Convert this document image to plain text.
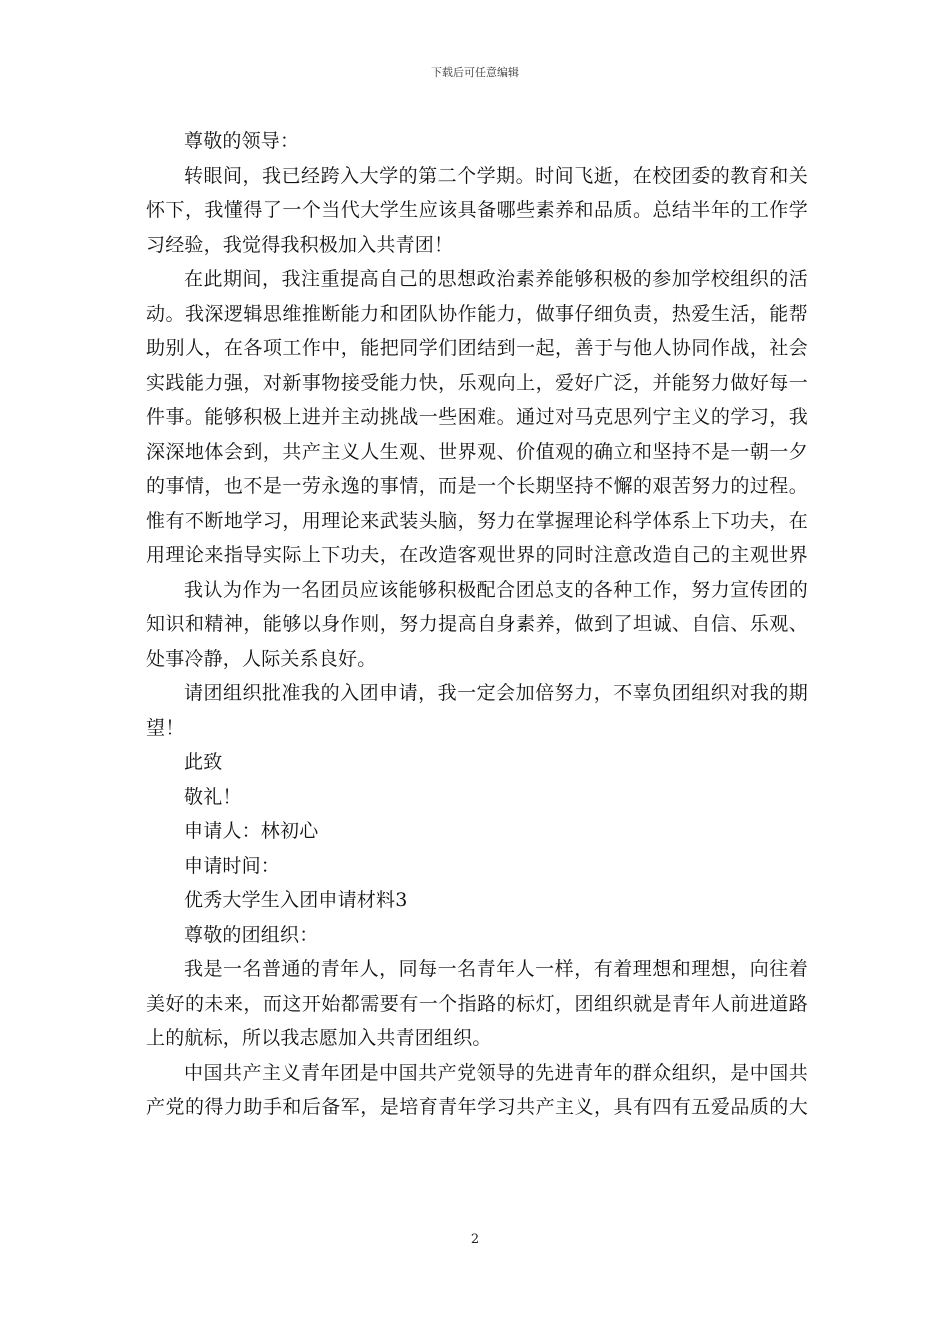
下载后可任意编辑
尊敬的领导：
转眼间，我已经跨入大学的第二个学期。时间飞逝，在校团委的教育和关
怀下，我懂得了一个当代大学生应该具备哪些素养和品质。总结半年的工作学
习经验，我觉得我积极加入共青团！
在此期间，我注重提高自己的思想政治素养能够积极的参加学校组织的活
动。我深逻辑思维推断能力和团队协作能力，做事仔细负责，热爱生活，能帮
助别人，在各项工作中，能把同学们团结到一起，善于与他人协同作战，社会
实践能力强，对新事物接受能力快，乐观向上，爱好广泛，并能努力做好每一
件事。能够积极上进并主动挑战一些困难。通过对马克思列宁主义的学习，我
深深地体会到，共产主义人生观、世界观、价值观的确立和坚持不是一朝一夕
的事情，也不是一劳永逸的事情，而是一个长期坚持不懈的艰苦努力的过程。
惟有不断地学习，用理论来武装头脑，努力在掌握理论科学体系上下功夫，在
用理论来指导实际上下功夫，在改造客观世界的同时注意改造自己的主观世界
我认为作为一名团员应该能够积极配合团总支的各种工作，努力宣传团的
知识和精神，能够以身作则，努力提高自身素养，做到了坦诚、自信、乐观、
处事冷静，人际关系良好。
请团组织批准我的入团申请，我一定会加倍努力，不辜负团组织对我的期
望！
此致
敬礼！
申请人：林初心
申请时间：
优秀大学生入团申请材料3
尊敬的团组织：
我是一名普通的青年人，同每一名青年人一样，有着理想和理想，向往着
美好的未来，而这开始都需要有一个指路的标灯，团组织就是青年人前进道路
上的航标，所以我志愿加入共青团组织。
中国共产主义青年团是中国共产党领导的先进青年的群众组织，是中国共
产党的得力助手和后备军，是培育青年学习共产主义，具有四有五爱品质的大
2
